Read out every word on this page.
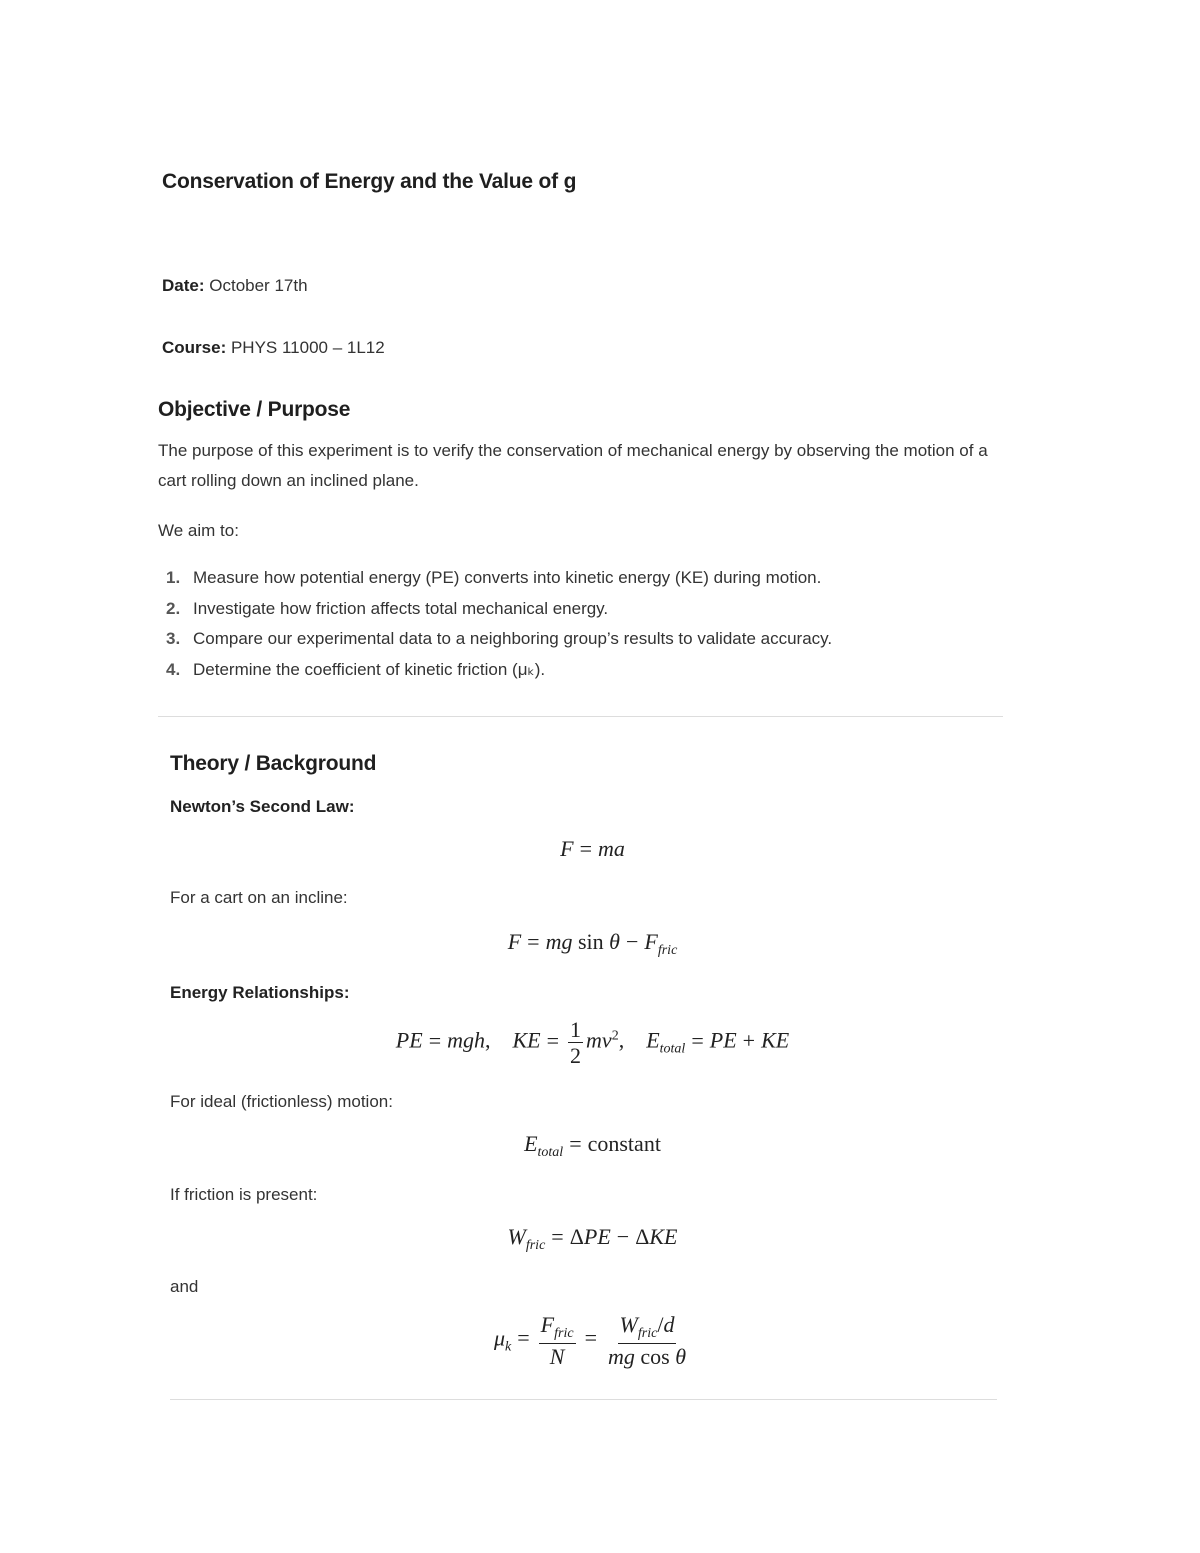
Conservation of Energy and the Value of g
Date: October 17th
Course: PHYS 11000 – 1L12
Objective / Purpose
The purpose of this experiment is to verify the conservation of mechanical energy by observing the motion of a cart rolling down an inclined plane.
We aim to:
1. Measure how potential energy (PE) converts into kinetic energy (KE) during motion.
2. Investigate how friction affects total mechanical energy.
3. Compare our experimental data to a neighboring group’s results to validate accuracy.
4. Determine the coefficient of kinetic friction (μₖ).
Theory / Background
Newton’s Second Law:
F = ma
For a cart on an incline:
F = mg $\sin \theta - F_{fric}$
Energy Relationships:
PE = mgh, KE = $\frac{1}{2} mv^2$, $E_{total}$ = PE + KE
For ideal (frictionless) motion:
$E_{total}$ = constant
If friction is present:
$W_{fric} = \Delta PE - \Delta KE$
and
$\mu_k = \frac{F_{fric}}{N} = \frac{W_{fric}/d}{\text{mg cos θ}}$
